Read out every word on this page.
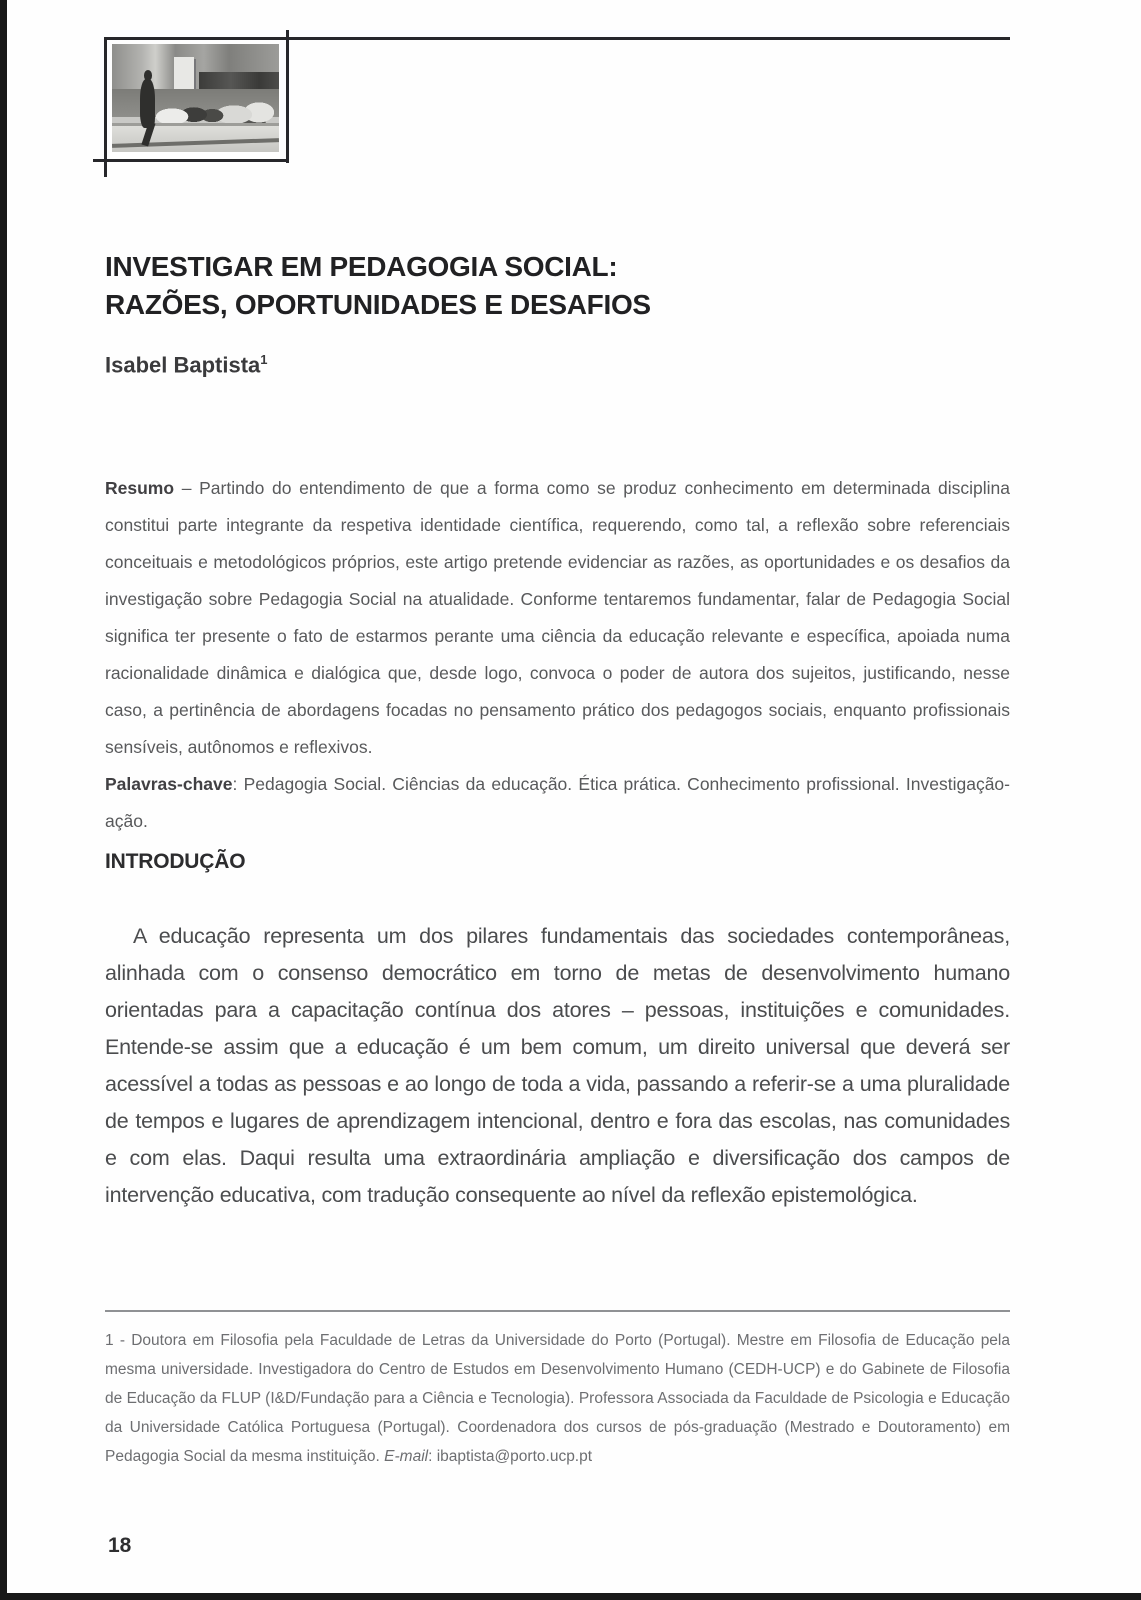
INVESTIGAR EM PEDAGOGIA SOCIAL:
RAZÕES, OPORTUNIDADES E DESAFIOS
Isabel Baptista$^1$

Resumo – Partindo do entendimento de que a forma como se produz conhecimento em determinada disciplina constitui parte integrante da respetiva identidade científica, requerendo, como tal, a reflexão sobre referenciais conceituais e metodológicos próprios, este artigo pretende evidenciar as razões, as oportunidades e os desafios da investigação sobre Pedagogia Social na atualidade. Conforme tentaremos fundamentar, falar de Pedagogia Social significa ter presente o fato de estarmos perante uma ciência da educação relevante e específica, apoiada numa racionalidade dinâmica e dialógica que, desde logo, convoca o poder de autora dos sujeitos, justificando, nesse caso, a pertinência de abordagens focadas no pensamento prático dos pedagogos sociais, enquanto profissionais sensíveis, autônomos e reflexivos.

Palavras-chave: Pedagogia Social. Ciências da educação. Ética prática. Conhecimento profissional. Investigação-ação.

INTRODUÇÃO

A educação representa um dos pilares fundamentais das sociedades contemporâneas, alinhada com o consenso democrático em torno de metas de desenvolvimento humano orientadas para a capacitação contínua dos atores – pessoas, instituições e comunidades. Entende-se assim que a educação é um bem comum, um direito universal que deverá ser acessível a todas as pessoas e ao longo de toda a vida, passando a referir-se a uma pluralidade de tempos e lugares de aprendizagem intencional, dentro e fora das escolas, nas comunidades e com elas. Daqui resulta uma extraordinária ampliação e diversificação dos campos de intervenção educativa, com tradução consequente ao nível da reflexão epistemológica.

1 - Doutora em Filosofia pela Faculdade de Letras da Universidade do Porto (Portugal). Mestre em Filosofia de Educação pela mesma universidade. Investigadora do Centro de Estudos em Desenvolvimento Humano (CEDH-UCP) e do Gabinete de Filosofia de Educação da FLUP (I&D/Fundação para a Ciência e Tecnologia). Professora Associada da Faculdade de Psicologia e Educação da Universidade Católica Portuguesa (Portugal). Coordenadora dos cursos de pós-graduação (Mestrado e Doutoramento) em Pedagogia Social da mesma instituição. E-mail: ibaptista@porto.ucp.pt

18
